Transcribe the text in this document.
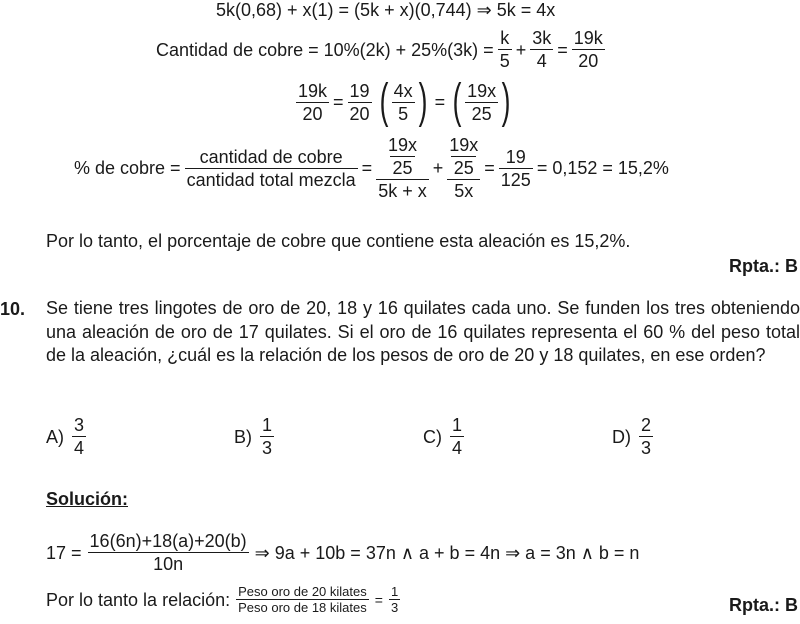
5k(0,68) + x(1) = (5k + x)(0,744) ⇒ 5k = 4x
Cantidad de cobre = $10\%(2k) + 25\%(3k) = \frac{k}{5} + \frac{3k}{4} = \frac{19k}{20}$
$\frac{19k}{20} = \frac{19}{20}$ ( $\frac{4x}{5}$ ) = ( $\frac{19x}{25}$ )
% de cobre = $\frac{\text{cantidad de cobre}}{\text{cantidad total mezcla}} = 19x$
25
5k + x + 19x
25
$5x = \frac{19}{125} = 0,152 = 15,2\%$
Por lo tanto, el porcentaje de cobre que contiene esta aleación es 15,2%.
Rpta.: B
10. Se tiene tres lingotes de oro de 20, 18 y 16 quilates cada uno. Se funden los tres obteniendo una aleación de oro de 17 quilates. Si el oro de 16 quilates representa el 60 % del peso total de la aleación, ¿cuál es la relación de los pesos de oro de 20 y 18 quilates, en ese orden?
$A) \frac{3}{4}$	$B) \frac{1}{3}$	$C) \frac{1}{4}$	$D) \frac{2}{3}$
Solución:
$17 = \frac{16(6n)+18(a)+20(b)}{10n}$ ⇒ 9a + 10b = 37n ∧ a + b = 4n ⇒ a = 3n ∧ b = n
Por lo tanto la relación: $\frac{\text{Peso oro de 20 kilates}}{\text{Peso oro de 18 kilates}} = \frac{1}{3}$	Rpta.: B
